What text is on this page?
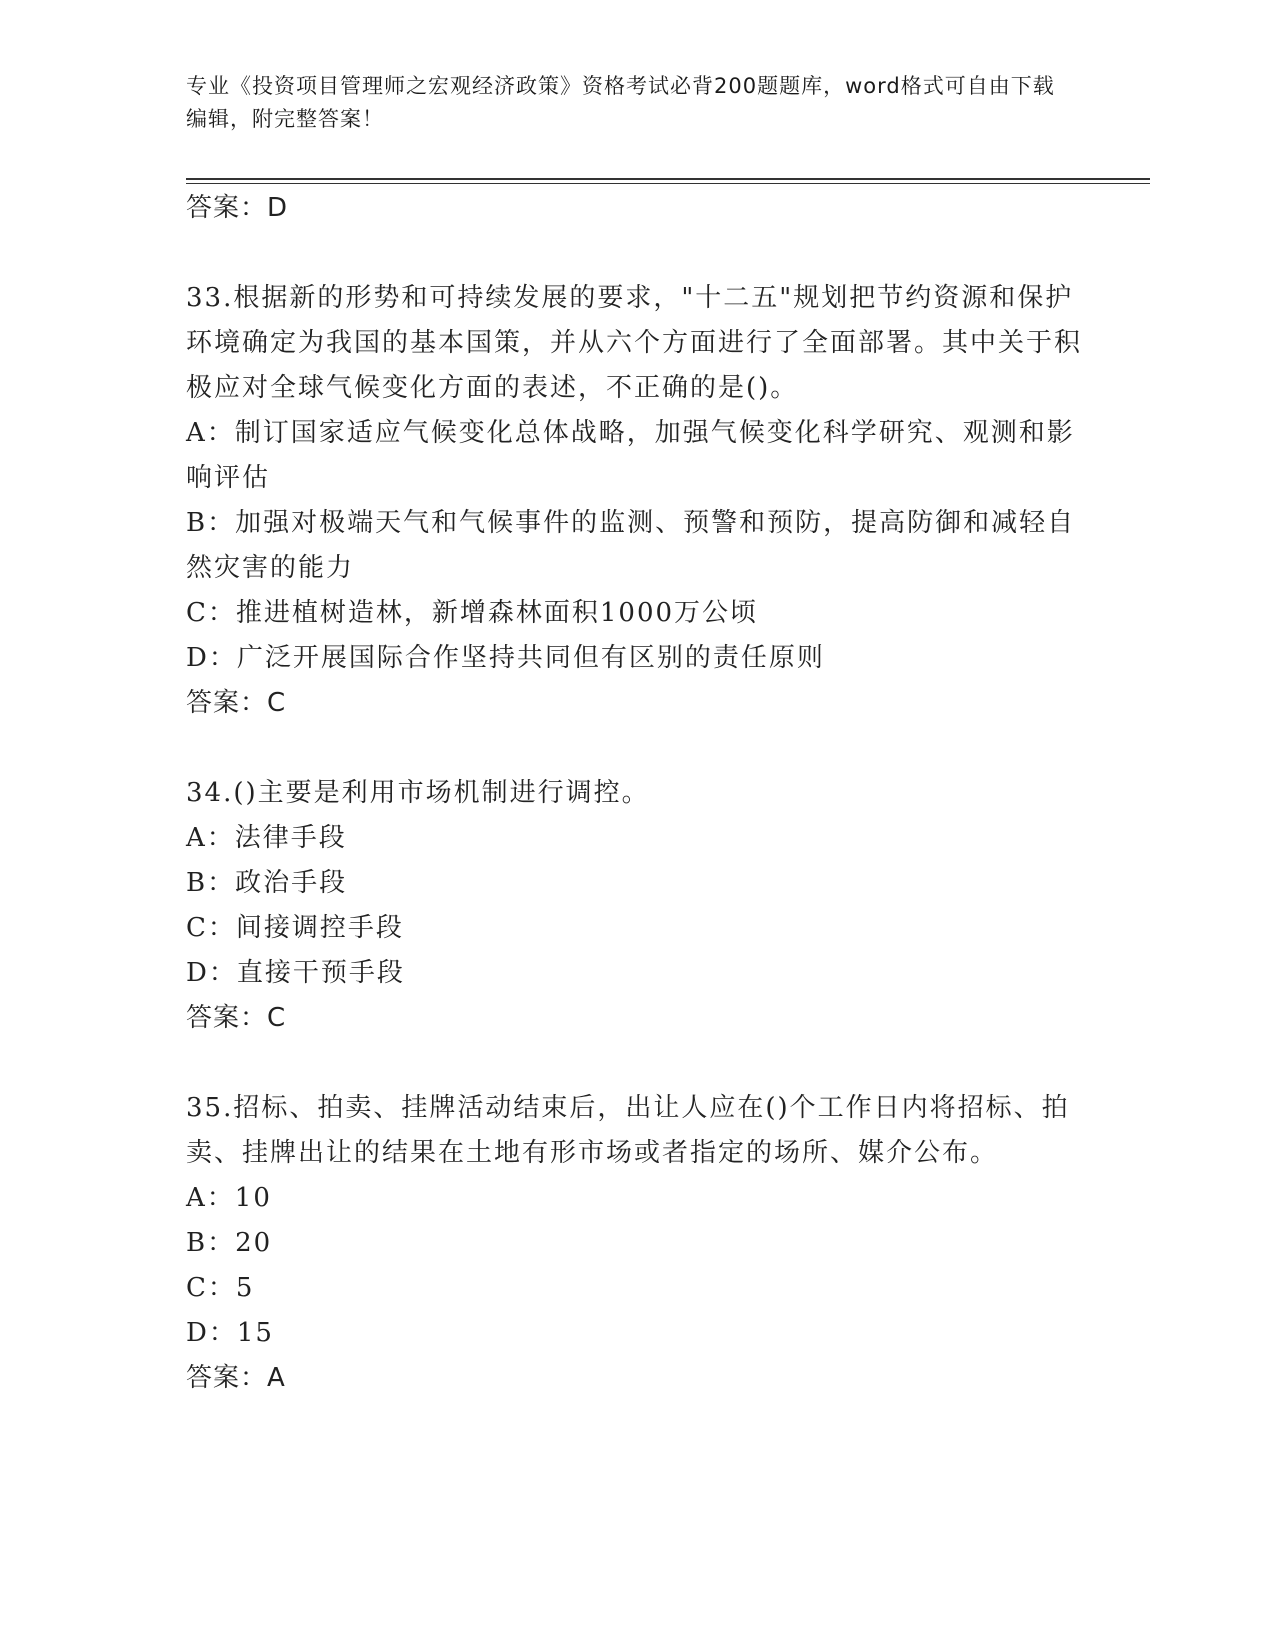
专业《投资项目管理师之宏观经济政策》资格考试必背200题题库，word格式可自由下载编辑，附完整答案！

答案：D

33.根据新的形势和可持续发展的要求，"十二五"规划把节约资源和保护环境确定为我国的基本国策，并从六个方面进行了全面部署。其中关于积极应对全球气候变化方面的表述，不正确的是()。

A：制订国家适应气候变化总体战略，加强气候变化科学研究、观测和影响评估

B：加强对极端天气和气候事件的监测、预警和预防，提高防御和减轻自然灾害的能力

C：推进植树造林，新增森林面积1000万公顷

D：广泛开展国际合作坚持共同但有区别的责任原则

答案：C

34.()主要是利用市场机制进行调控。

A：法律手段

B：政治手段

C：间接调控手段

D：直接干预手段

答案：C

35.招标、拍卖、挂牌活动结束后，出让人应在()个工作日内将招标、拍卖、挂牌出让的结果在土地有形市场或者指定的场所、媒介公布。

A：10

B：20

C：5

D：15

答案：A
